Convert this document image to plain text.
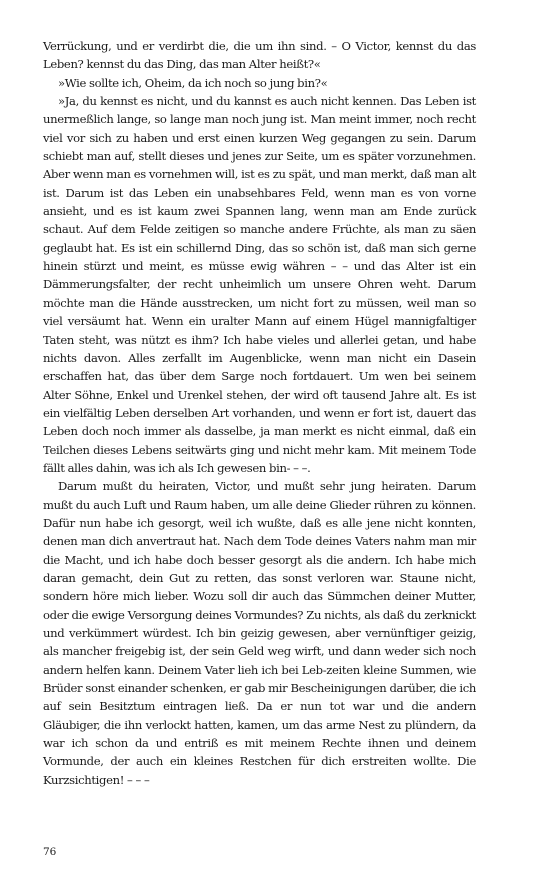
Verrückung, und er verdirbt die, die um ihn sind. – O Victor, kennst du das Leben? kennst du das Ding, das man Alter heißt?«

»Wie sollte ich, Oheim, da ich noch so jung bin?«

»Ja, du kennst es nicht, und du kannst es auch nicht kennen. Das Leben ist unermeßlich lange, so lange man noch jung ist. Man meint immer, noch recht viel vor sich zu haben und erst einen kurzen Weg gegangen zu sein. Darum schiebt man auf, stellt dieses und jenes zur Seite, um es später vorzunehmen. Aber wenn man es vornehmen will, ist es zu spät, und man merkt, daß man alt ist. Darum ist das Leben ein unabsehbares Feld, wenn man es von vorne ansieht, und es ist kaum zwei Spannen lang, wenn man am Ende zurück schaut. Auf dem Felde zeitigen so manche andere Früchte, als man zu säen geglaubt hat. Es ist ein schillernd Ding, das so schön ist, daß man sich gerne hinein stürzt und meint, es müsse ewig währen – – und das Alter ist ein Dämmerungsfalter, der recht unheimlich um unsere Ohren weht. Darum möchte man die Hände ausstrecken, um nicht fort zu müssen, weil man so viel versäumt hat. Wenn ein uralter Mann auf einem Hügel mannigfaltiger Taten steht, was nützt es ihm? Ich habe vieles und allerlei getan, und habe nichts davon. Alles zerfallt im Augenblicke, wenn man nicht ein Dasein erschaffen hat, das über dem Sarge noch fortdauert. Um wen bei seinem Alter Söhne, Enkel und Urenkel stehen, der wird oft tausend Jahre alt. Es ist ein vielfältig Leben derselben Art vorhanden, und wenn er fort ist, dauert das Leben doch noch immer als dasselbe, ja man merkt es nicht einmal, daß ein Teilchen dieses Lebens seitwärts ging und nicht mehr kam. Mit meinem Tode fällt alles dahin, was ich als Ich gewesen bin- – –.

Darum mußt du heiraten, Victor, und mußt sehr jung heiraten. Darum mußt du auch Luft und Raum haben, um alle deine Glieder rühren zu können. Dafür nun habe ich gesorgt, weil ich wußte, daß es alle jene nicht konnten, denen man dich anvertraut hat. Nach dem Tode deines Vaters nahm man mir die Macht, und ich habe doch besser gesorgt als die andern. Ich habe mich daran gemacht, dein Gut zu retten, das sonst verloren war. Staune nicht, sondern höre mich lieber. Wozu soll dir auch das Sümmchen deiner Mutter, oder die ewige Versorgung deines Vormundes? Zu nichts, als daß du zerknickt und verkümmert würdest. Ich bin geizig gewesen, aber vernünftiger geizig, als mancher freigebig ist, der sein Geld weg wirft, und dann weder sich noch andern helfen kann. Deinem Vater lieh ich bei Leb-zeiten kleine Summen, wie Brüder sonst einander schenken, er gab mir Bescheinigungen darüber, die ich auf sein Besitztum eintragen ließ. Da er nun tot war und die andern Gläubiger, die ihn verlockt hatten, kamen, um das arme Nest zu plündern, da war ich schon da und entriß es mit meinem Rechte ihnen und deinem Vormunde, der auch ein kleines Restchen für dich erstreiten wollte. Die Kurzsichtigen! – – –

76
